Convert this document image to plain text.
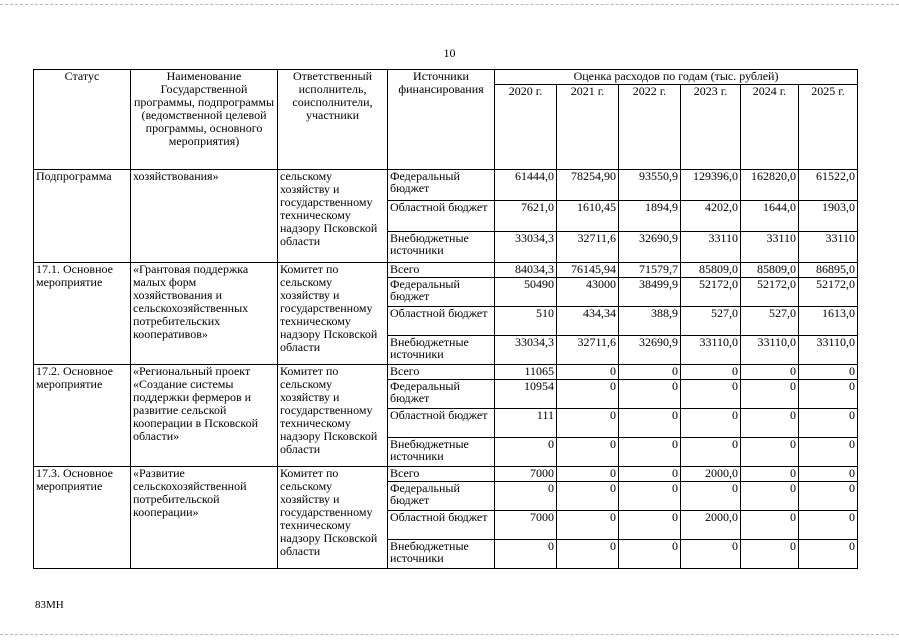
10
Статус	Наименование Государственной программы, подпрограммы (ведомственной целевой программы, основного мероприятия)	Ответственный исполнитель, соисполнители, участники	Источники финансирования	Оценка расходов по годам (тыс. рублей)					
				2020 г.	2021 г.	2022 г.	2023 г.	2024 г.	2025 г.
Подпрограмма	хозяйствования»	сельскому хозяйству и государственному техническому надзору Псковской области	Федеральный бюджет	61444,0	78254,90	93550,9	129396,0	162820,0	61522,0
			Областной бюджет	7621,0	1610,45	1894,9	4202,0	1644,0	1903,0
			Внебюджетные источники	33034,3	32711,6	32690,9	33110	33110	33110
17.1. Основное мероприятие	«Грантовая поддержка малых форм хозяйствования и сельскохозяйственных потребительских кооперативов»	Комитет по сельскому хозяйству и государственному техническому надзору Псковской области	Всего	84034,3	76145,94	71579,7	85809,0	85809,0	86895,0
			Федеральный бюджет	50490	43000	38499,9	52172,0	52172,0	52172,0
			Областной бюджет	510	434,34	388,9	527,0	527,0	1613,0
			Внебюджетные источники	33034,3	32711,6	32690,9	33110,0	33110,0	33110,0
17.2. Основное мероприятие	«Региональный проект «Создание системы поддержки фермеров и развитие сельской кооперации в Псковской области»	Комитет по сельскому хозяйству и государственному техническому надзору Псковской области	Всего	11065	0	0	0	0	0
			Федеральный бюджет	10954	0	0	0	0	0
			Областной бюджет	111	0	0	0	0	0
			Внебюджетные источники	0	0	0	0	0	0
17.3. Основное мероприятие	«Развитие сельскохозяйственной потребительской кооперации»	Комитет по сельскому хозяйству и государственному техническому надзору Псковской области	Всего	7000	0	0	2000,0	0	0
			Федеральный бюджет	0	0	0	0	0	0
			Областной бюджет	7000	0	0	2000,0	0	0
			Внебюджетные источники	0	0	0	0	0	0
83МН
